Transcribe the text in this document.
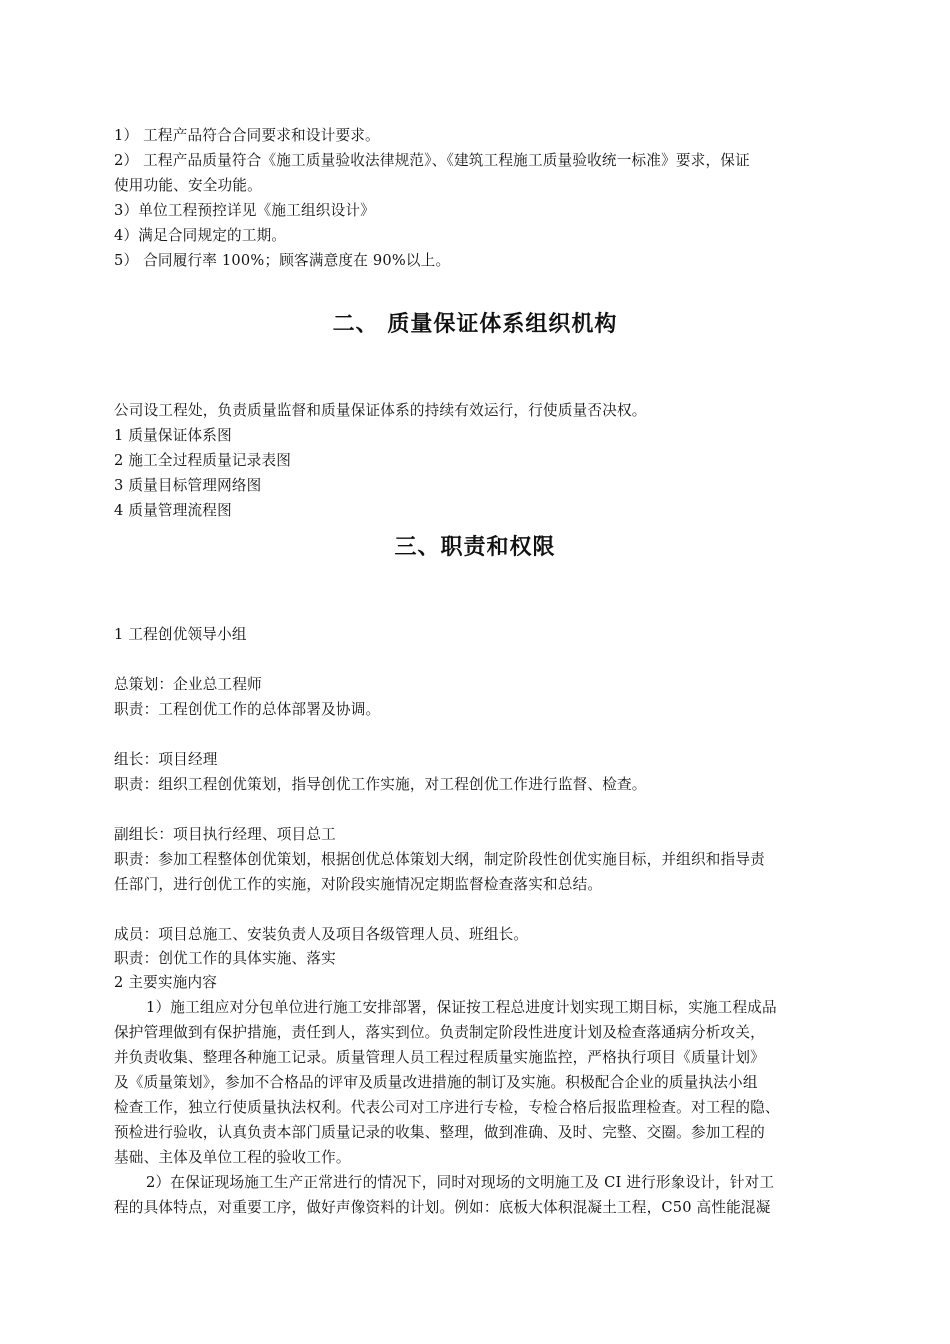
1） 工程产品符合合同要求和设计要求。
2） 工程产品质量符合《施工质量验收法律规范》、《建筑工程施工质量验收统一标准》要求，保证
使用功能、安全功能。
3）单位工程预控详见《施工组织设计》
4）满足合同规定的工期。
5） 合同履行率 100%；顾客满意度在 90%以上。
二、 质量保证体系组织机构
公司设工程处，负责质量监督和质量保证体系的持续有效运行，行使质量否决权。
1 质量保证体系图
2 施工全过程质量记录表图
3 质量目标管理网络图
4 质量管理流程图
三、职责和权限
1 工程创优领导小组
总策划：企业总工程师
职责：工程创优工作的总体部署及协调。
组长：项目经理
职责：组织工程创优策划，指导创优工作实施，对工程创优工作进行监督、检查。
副组长：项目执行经理、项目总工
职责：参加工程整体创优策划，根据创优总体策划大纲，制定阶段性创优实施目标，并组织和指导责
任部门，进行创优工作的实施，对阶段实施情况定期监督检查落实和总结。
成员：项目总施工、安装负责人及项目各级管理人员、班组长。
职责：创优工作的具体实施、落实
2 主要实施内容
1）施工组应对分包单位进行施工安排部署，保证按工程总进度计划实现工期目标，实施工程成品
保护管理做到有保护措施，责任到人，落实到位。负责制定阶段性进度计划及检查落通病分析攻关，
并负责收集、整理各种施工记录。质量管理人员工程过程质量实施监控，严格执行项目《质量计划》
及《质量策划》，参加不合格品的评审及质量改进措施的制订及实施。积极配合企业的质量执法小组
检查工作，独立行使质量执法权利。代表公司对工序进行专检，专检合格后报监理检查。对工程的隐、
预检进行验收，认真负责本部门质量记录的收集、整理，做到准确、及时、完整、交圈。参加工程的
基础、主体及单位工程的验收工作。
2）在保证现场施工生产正常进行的情况下，同时对现场的文明施工及 CI 进行形象设计，针对工
程的具体特点，对重要工序，做好声像资料的计划。例如：底板大体积混凝土工程，C50 高性能混凝
